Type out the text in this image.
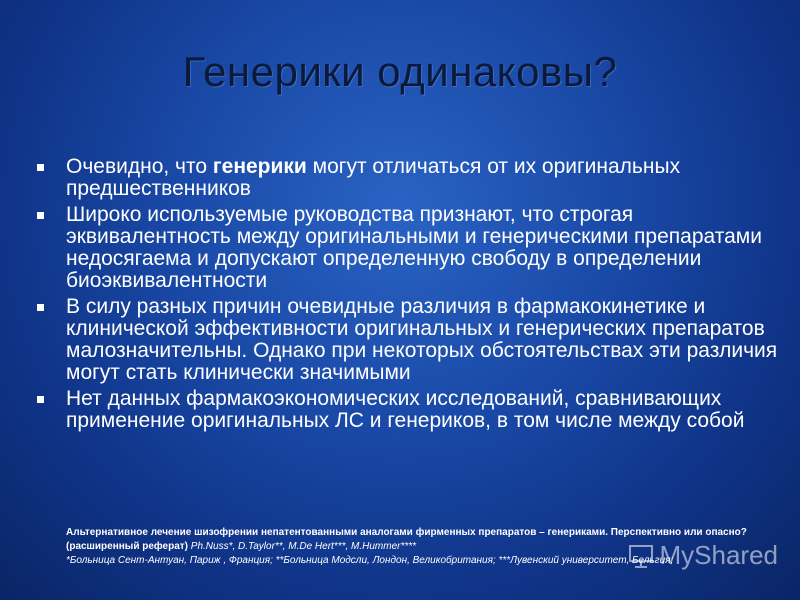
Генерики одинаковы?
Очевидно, что генерики могут отличаться от их оригинальных предшественников
Широко используемые руководства признают, что строгая эквивалентность между оригинальными и генерическими препаратами недосягаема и допускают определенную свободу в определении биоэквивалентности
В силу разных причин очевидные различия в фармакокинетике и клинической эффективности оригинальных и генерических препаратов малозначительны. Однако при некоторых обстоятельствах эти различия могут стать клинически значимыми
Нет данных фармакоэкономических исследований, сравнивающих применение оригинальных ЛС и генериков, в том числе между собой
Альтернативное лечение шизофрении непатентованными аналогами фирменных препаратов – генериками. Перспективно или опасно? (расширенный реферат) Ph.Nuss*, D.Taylor**, M.De Hert***, M.Hummer****
*Больница Сент-Антуан, Париж , Франция; **Больница Модсли, Лондон, Великобритания; ***Лувенский университет, Бельгия;
MyShared
